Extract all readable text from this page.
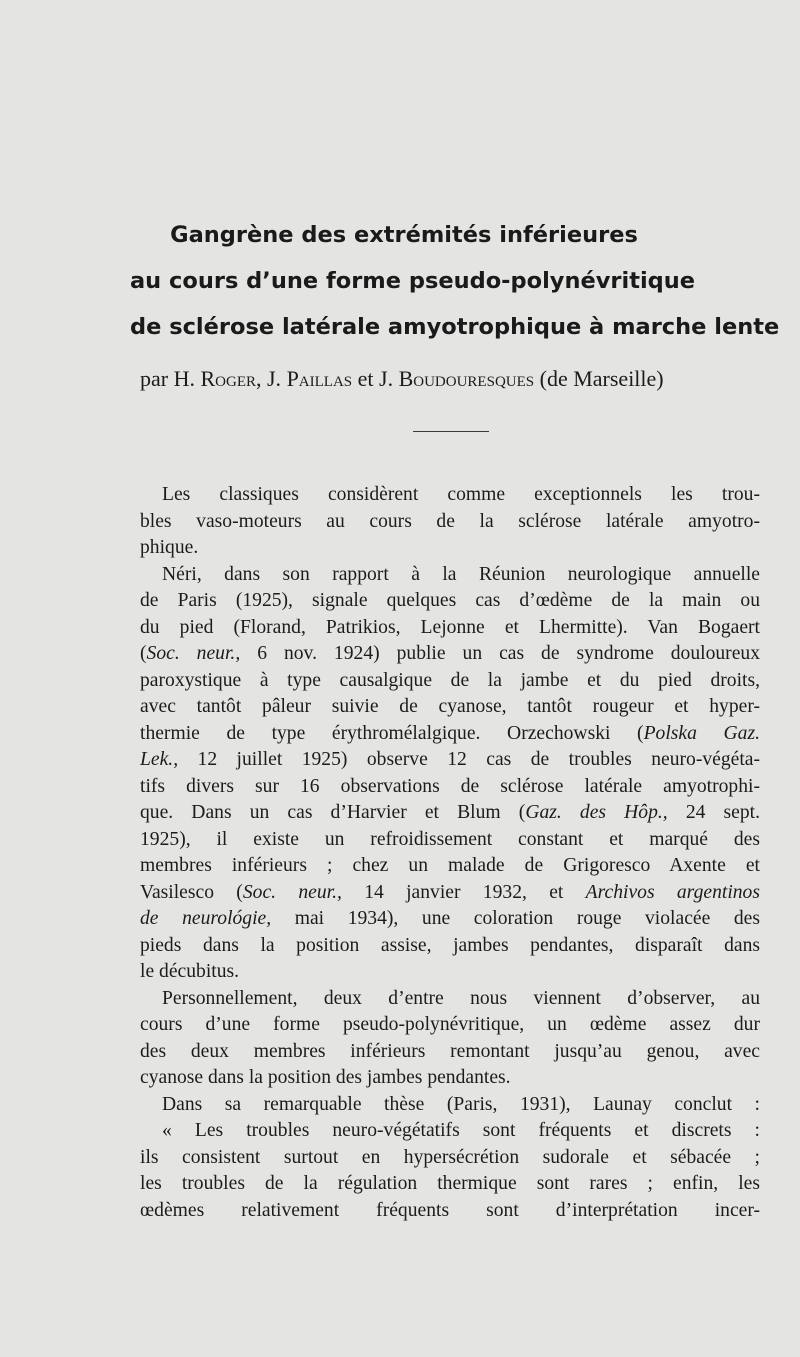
Gangrène des extrémités inférieures
au cours d’une forme pseudo-polynévritique
de sclérose latérale amyotrophique à marche lente
par H. Roger, J. Paillas et J. Boudouresques (de Marseille)
Les classiques considèrent comme exceptionnels les trou-
bles vaso-moteurs au cours de la sclérose latérale amyotro-
phique.
Néri, dans son rapport à la Réunion neurologique annuelle
de Paris (1925), signale quelques cas d’œdème de la main ou
du pied (Florand, Patrikios, Lejonne et Lhermitte). Van Bogaert
(Soc. neur., 6 nov. 1924) publie un cas de syndrome douloureux
paroxystique à type causalgique de la jambe et du pied droits,
avec tantôt pâleur suivie de cyanose, tantôt rougeur et hyper-
thermie de type érythromélalgique. Orzechowski (Polska Gaz.
Lek., 12 juillet 1925) observe 12 cas de troubles neuro-végéta-
tifs divers sur 16 observations de sclérose latérale amyotrophi-
que. Dans un cas d’Harvier et Blum (Gaz. des Hôp., 24 sept.
1925), il existe un refroidissement constant et marqué des
membres inférieurs ; chez un malade de Grigoresco Axente et
Vasilesco (Soc. neur., 14 janvier 1932, et Archivos argentinos
de neurológie, mai 1934), une coloration rouge violacée des
pieds dans la position assise, jambes pendantes, disparaît dans
le décubitus.
Personnellement, deux d’entre nous viennent d’observer, au
cours d’une forme pseudo-polynévritique, un œdème assez dur
des deux membres inférieurs remontant jusqu’au genou, avec
cyanose dans la position des jambes pendantes.
Dans sa remarquable thèse (Paris, 1931), Launay conclut :
« Les troubles neuro-végétatifs sont fréquents et discrets :
ils consistent surtout en hypersécrétion sudorale et sébacée ;
les troubles de la régulation thermique sont rares ; enfin, les
œdèmes relativement fréquents sont d’interprétation incer-
